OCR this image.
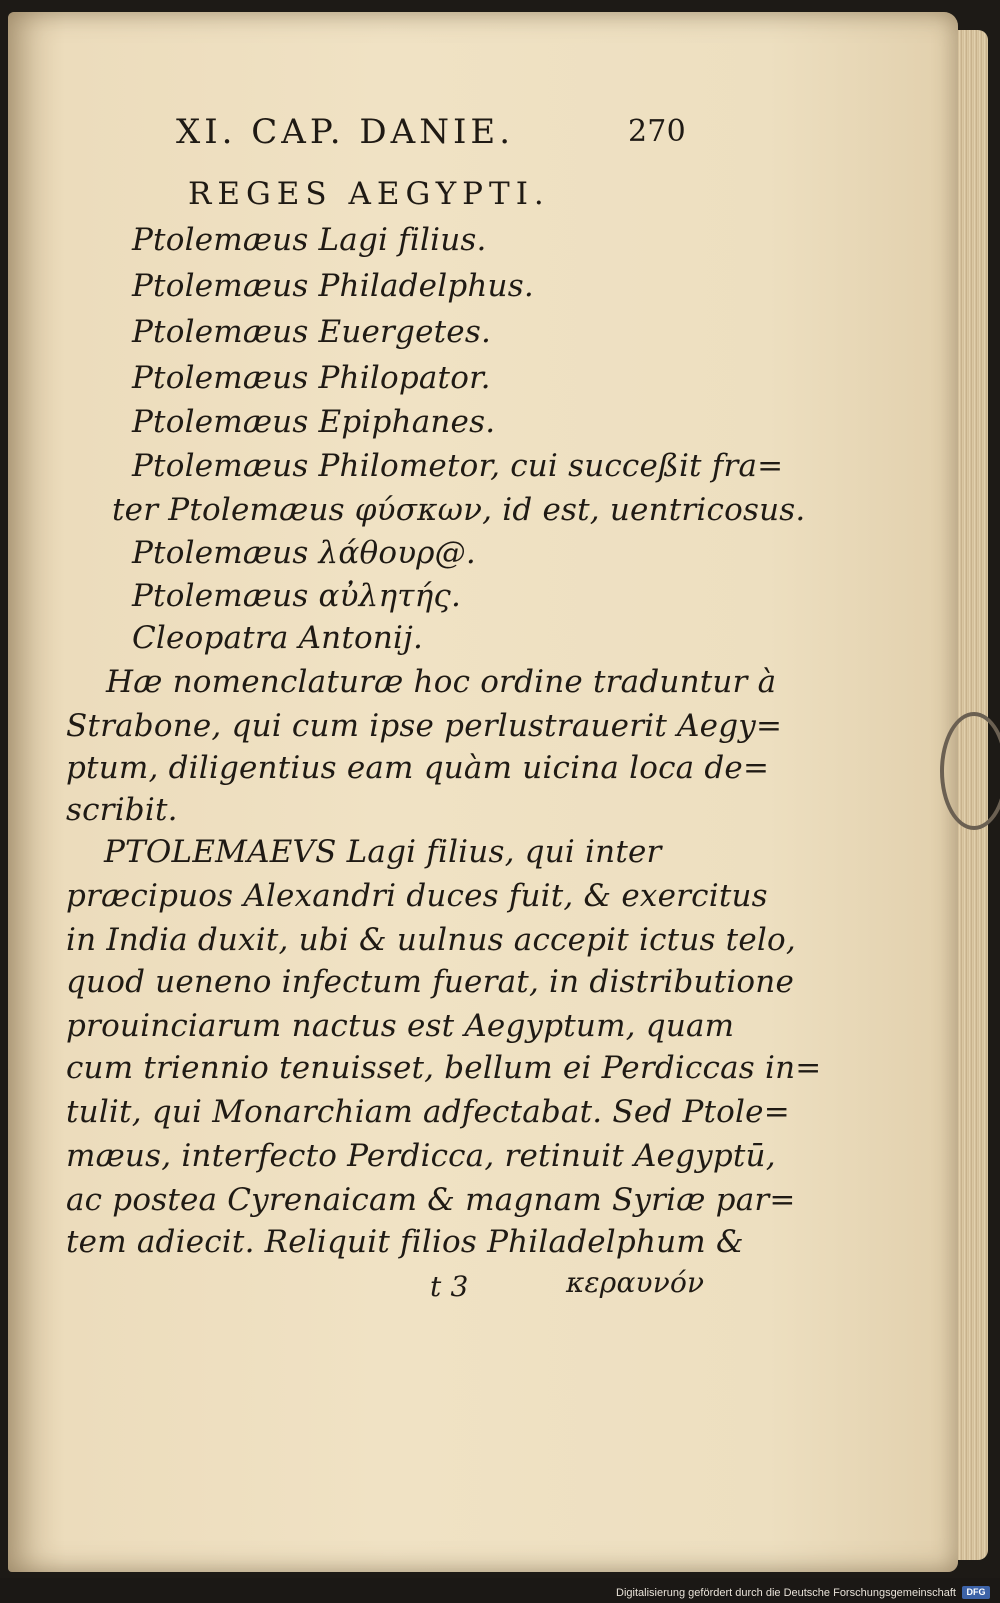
XI. CAP. DANIE.	270
REGES AEGYPTI.
Ptolemæus Lagi filius.
Ptolemæus Philadelphus.
Ptolemæus Euergetes.
Ptolemæus Philopator.
Ptolemæus Epiphanes.
Ptolemæus Philometor, cui succeßit fra=
ter Ptolemæus φύσκων, id est, uentricosus.
Ptolemæus λάθουρ@.
Ptolemæus αὐλητής.
Cleopatra Antonij.
Hæ nomenclaturæ hoc ordine traduntur à
Strabone, qui cum ipse perlustrauerit Aegy=
ptum, diligentius eam quàm uicina loca de=
scribit.
PTOLEMAEVS Lagi filius, qui inter
præcipuos Alexandri duces fuit, & exercitus
in India duxit, ubi & uulnus accepit ictus telo,
quod ueneno infectum fuerat, in distributione
prouinciarum nactus est Aegyptum, quam
cum triennio tenuisset, bellum ei Perdiccas in=
tulit, qui Monarchiam adfectabat. Sed Ptole=
mæus, interfecto Perdicca, retinuit Aegyptū,
ac postea Cyrenaicam & magnam Syriæ par=
tem adiecit. Reliquit filios Philadelphum &
t 3	κεραυνόν
Digitalisierung gefördert durch die Deutsche Forschungsgemeinschaft	DFG
